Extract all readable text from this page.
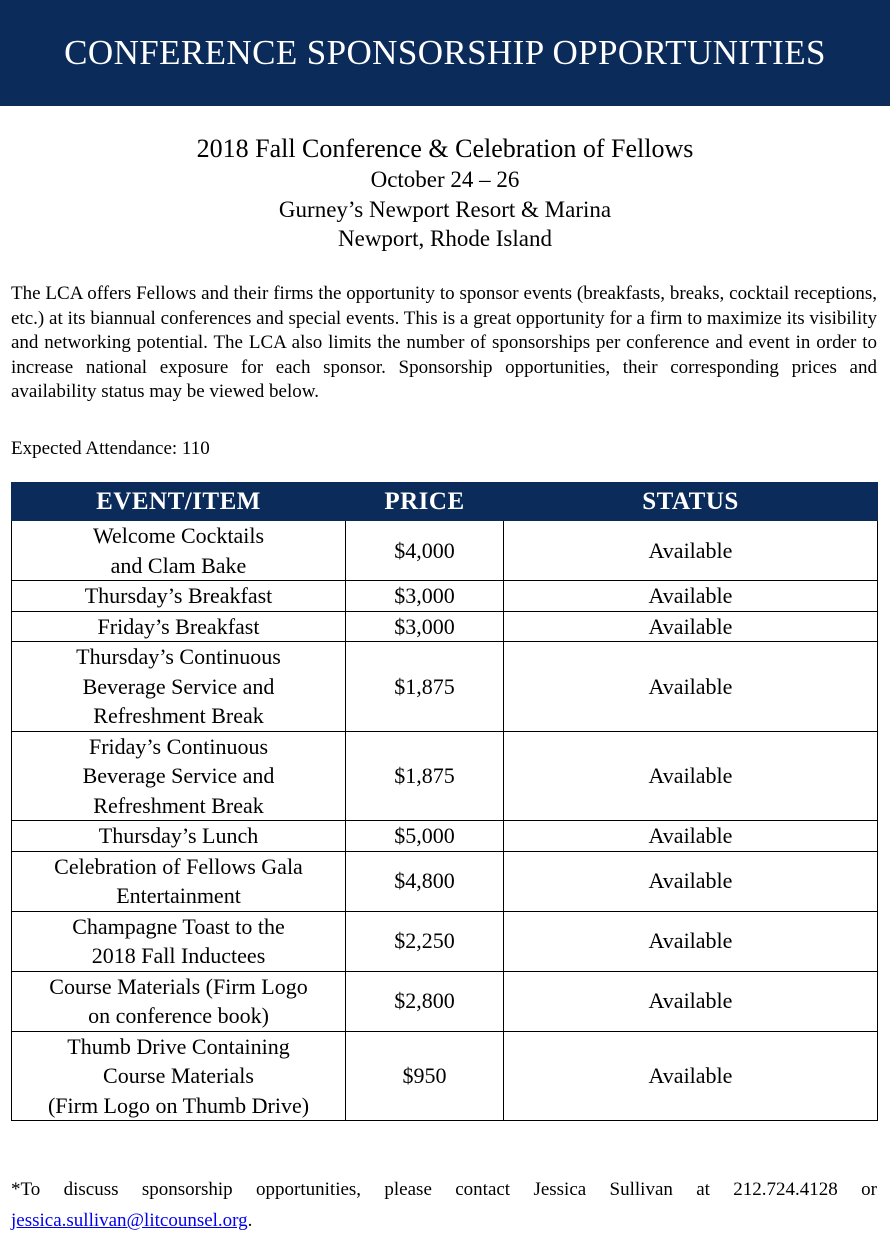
CONFERENCE SPONSORSHIP OPPORTUNITIES
2018 Fall Conference & Celebration of Fellows
October 24 – 26
Gurney’s Newport Resort & Marina
Newport, Rhode Island

The LCA offers Fellows and their firms the opportunity to sponsor events (breakfasts, breaks, cocktail receptions, etc.) at its biannual conferences and special events. This is a great opportunity for a firm to maximize its visibility and networking potential. The LCA also limits the number of sponsorships per conference and event in order to increase national exposure for each sponsor. Sponsorship opportunities, their corresponding prices and availability status may be viewed below.

Expected Attendance: 110
EVENT/ITEM	PRICE	STATUS

Welcome Cocktails
and Clam Bake	$4,000	Available

Thursday’s Breakfast	$3,000	Available

Friday’s Breakfast	$3,000	Available

Thursday’s Continuous
Beverage Service and
Refreshment Break	$1,875	Available

Friday’s Continuous
Beverage Service and
Refreshment Break	$1,875	Available

Thursday’s Lunch	$5,000	Available

Celebration of Fellows Gala
Entertainment	$4,800	Available

Champagne Toast to the
2018 Fall Inductees	$2,250	Available

Course Materials (Firm Logo
on conference book)	$2,800	Available

Thumb Drive Containing
Course Materials
(Firm Logo on Thumb Drive)	$950	Available

*To discuss sponsorship opportunities, please contact Jessica Sullivan at 212.724.4128 or
jessica.sullivan@litcounsel.org.
